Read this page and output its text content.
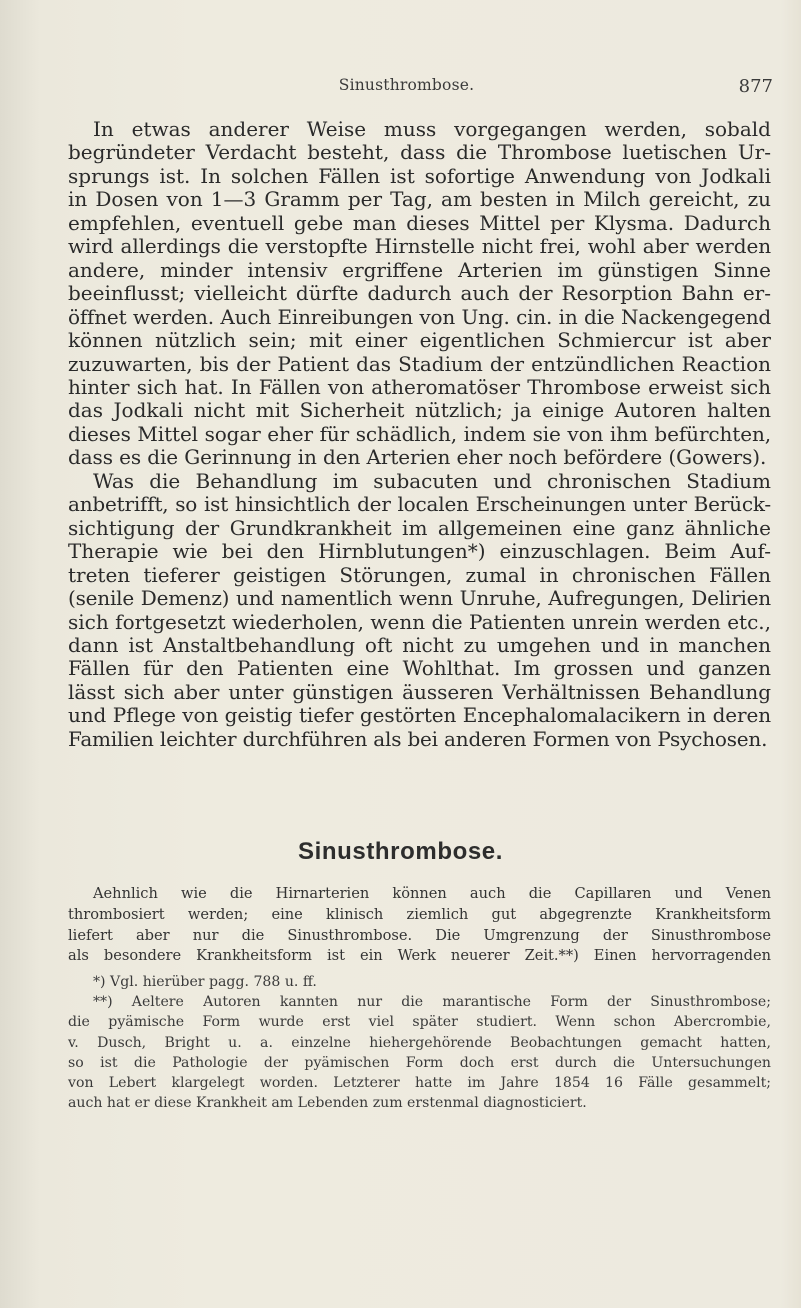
Sinusthrombose.	877
In etwas anderer Weise muss vorgegangen werden, sobald
begründeter Verdacht besteht, dass die Thrombose luetischen Ur-
sprungs ist. In solchen Fällen ist sofortige Anwendung von Jodkali
in Dosen von 1—3 Gramm per Tag, am besten in Milch gereicht, zu
empfehlen, eventuell gebe man dieses Mittel per Klysma. Dadurch
wird allerdings die verstopfte Hirnstelle nicht frei, wohl aber werden
andere, minder intensiv ergriffene Arterien im günstigen Sinne
beeinflusst; vielleicht dürfte dadurch auch der Resorption Bahn er-
öffnet werden. Auch Einreibungen von Ung. cin. in die Nackengegend
können nützlich sein; mit einer eigentlichen Schmiercur ist aber
zuzuwarten, bis der Patient das Stadium der entzündlichen Reaction
hinter sich hat. In Fällen von atheromatöser Thrombose erweist sich
das Jodkali nicht mit Sicherheit nützlich; ja einige Autoren halten
dieses Mittel sogar eher für schädlich, indem sie von ihm befürchten,
dass es die Gerinnung in den Arterien eher noch befördere (Gowers).
Was die Behandlung im subacuten und chronischen Stadium
anbetrifft, so ist hinsichtlich der localen Erscheinungen unter Berück-
sichtigung der Grundkrankheit im allgemeinen eine ganz ähnliche
Therapie wie bei den Hirnblutungen*) einzuschlagen. Beim Auf-
treten tieferer geistigen Störungen, zumal in chronischen Fällen
(senile Demenz) und namentlich wenn Unruhe, Aufregungen, Delirien
sich fortgesetzt wiederholen, wenn die Patienten unrein werden etc.,
dann ist Anstaltbehandlung oft nicht zu umgehen und in manchen
Fällen für den Patienten eine Wohlthat. Im grossen und ganzen
lässt sich aber unter günstigen äusseren Verhältnissen Behandlung
und Pflege von geistig tiefer gestörten Encephalomalacikern in deren
Familien leichter durchführen als bei anderen Formen von Psychosen.
Sinusthrombose.
Aehnlich wie die Hirnarterien können auch die Capillaren und Venen
thrombosiert werden; eine klinisch ziemlich gut abgegrenzte Krankheitsform
liefert aber nur die Sinusthrombose. Die Umgrenzung der Sinusthrombose
als besondere Krankheitsform ist ein Werk neuerer Zeit.**) Einen hervorragenden
*) Vgl. hierüber pagg. 788 u. ff.
**) Aeltere Autoren kannten nur die marantische Form der Sinusthrombose;
die pyämische Form wurde erst viel später studiert. Wenn schon Abercrombie,
v. Dusch, Bright u. a. einzelne hiehergehörende Beobachtungen gemacht hatten,
so ist die Pathologie der pyämischen Form doch erst durch die Untersuchungen
von Lebert klargelegt worden. Letzterer hatte im Jahre 1854 16 Fälle gesammelt;
auch hat er diese Krankheit am Lebenden zum erstenmal diagnosticiert.
